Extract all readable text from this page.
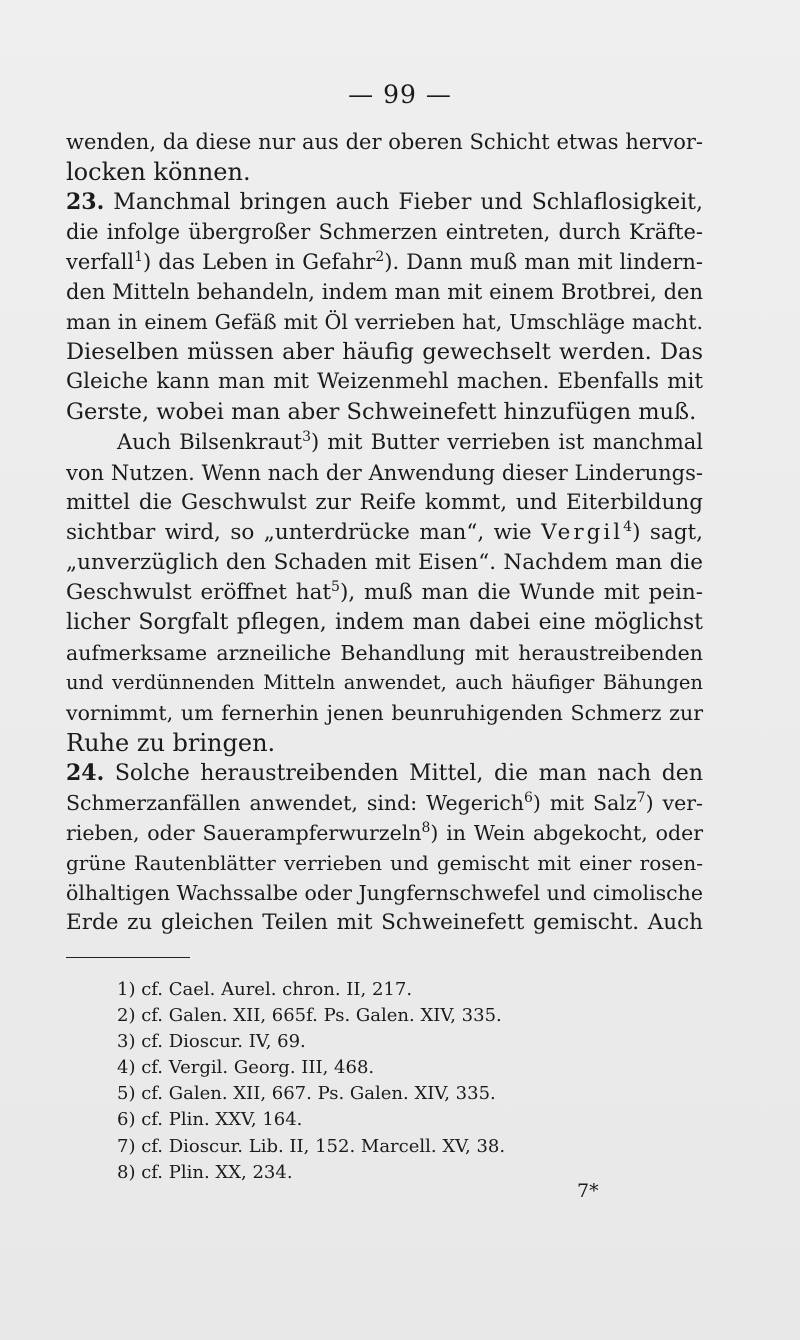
— 99 —
wenden, da diese nur aus der oberen Schicht etwas hervor-
locken können.
23. Manchmal bringen auch Fieber und Schlaflosigkeit,
die infolge übergroßer Schmerzen eintreten, durch Kräfte-
verfall$^1$) das Leben in Gefahr$^2$). Dann muß man mit lindern-
den Mitteln behandeln, indem man mit einem Brotbrei, den
man in einem Gefäß mit Öl verrieben hat, Umschläge macht.
Dieselben müssen aber häufig gewechselt werden. Das
Gleiche kann man mit Weizenmehl machen. Ebenfalls mit
Gerste, wobei man aber Schweinefett hinzufügen muß.
Auch Bilsenkraut$^3$) mit Butter verrieben ist manchmal
von Nutzen. Wenn nach der Anwendung dieser Linderungs-
mittel die Geschwulst zur Reife kommt, und Eiterbildung
sichtbar wird, so „unterdrücke man“, wie Vergil$^4$) sagt,
„unverzüglich den Schaden mit Eisen“. Nachdem man die
Geschwulst eröffnet hat$^5$), muß man die Wunde mit pein-
licher Sorgfalt pflegen, indem man dabei eine möglichst
aufmerksame arzneiliche Behandlung mit heraustreibenden
und verdünnenden Mitteln anwendet, auch häufiger Bähungen
vornimmt, um fernerhin jenen beunruhigenden Schmerz zur
Ruhe zu bringen.
24. Solche heraustreibenden Mittel, die man nach den
Schmerzanfällen anwendet, sind: Wegerich$^6$) mit Salz$^7$) ver-
rieben, oder Sauerampferwurzeln$^8$) in Wein abgekocht, oder
grüne Rautenblätter verrieben und gemischt mit einer rosen-
ölhaltigen Wachssalbe oder Jungfernschwefel und cimolische
Erde zu gleichen Teilen mit Schweinefett gemischt. Auch
1) cf. Cael. Aurel. chron. II, 217.
2) cf. Galen. XII, 665f. Ps. Galen. XIV, 335.
3) cf. Dioscur. IV, 69.
4) cf. Vergil. Georg. III, 468.
5) cf. Galen. XII, 667. Ps. Galen. XIV, 335.
6) cf. Plin. XXV, 164.
7) cf. Dioscur. Lib. II, 152. Marcell. XV, 38.
8) cf. Plin. XX, 234.
7*
